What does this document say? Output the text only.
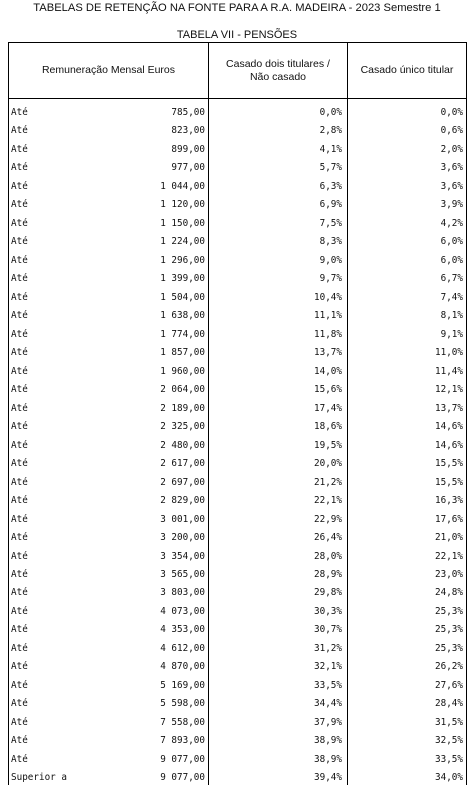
TABELAS DE RETENÇÃO NA FONTE PARA A R.A. MADEIRA - 2023 Semestre 1
TABELA VII - PENSÕES
Remuneração Mensal Euros
Casado dois titulares / Não casado
Casado único titular
Até	785,00	0,0%	0,0%
Até	823,00	2,8%	0,6%
Até	899,00	4,1%	2,0%
Até	977,00	5,7%	3,6%
Até	1 044,00	6,3%	3,6%
Até	1 120,00	6,9%	3,9%
Até	1 150,00	7,5%	4,2%
Até	1 224,00	8,3%	6,0%
Até	1 296,00	9,0%	6,0%
Até	1 399,00	9,7%	6,7%
Até	1 504,00	10,4%	7,4%
Até	1 638,00	11,1%	8,1%
Até	1 774,00	11,8%	9,1%
Até	1 857,00	13,7%	11,0%
Até	1 960,00	14,0%	11,4%
Até	2 064,00	15,6%	12,1%
Até	2 189,00	17,4%	13,7%
Até	2 325,00	18,6%	14,6%
Até	2 480,00	19,5%	14,6%
Até	2 617,00	20,0%	15,5%
Até	2 697,00	21,2%	15,5%
Até	2 829,00	22,1%	16,3%
Até	3 001,00	22,9%	17,6%
Até	3 200,00	26,4%	21,0%
Até	3 354,00	28,0%	22,1%
Até	3 565,00	28,9%	23,0%
Até	3 803,00	29,8%	24,8%
Até	4 073,00	30,3%	25,3%
Até	4 353,00	30,7%	25,3%
Até	4 612,00	31,2%	25,3%
Até	4 870,00	32,1%	26,2%
Até	5 169,00	33,5%	27,6%
Até	5 598,00	34,4%	28,4%
Até	7 558,00	37,9%	31,5%
Até	7 893,00	38,9%	32,5%
Até	9 077,00	38,9%	33,5%
Superior a	9 077,00	39,4%	34,0%
